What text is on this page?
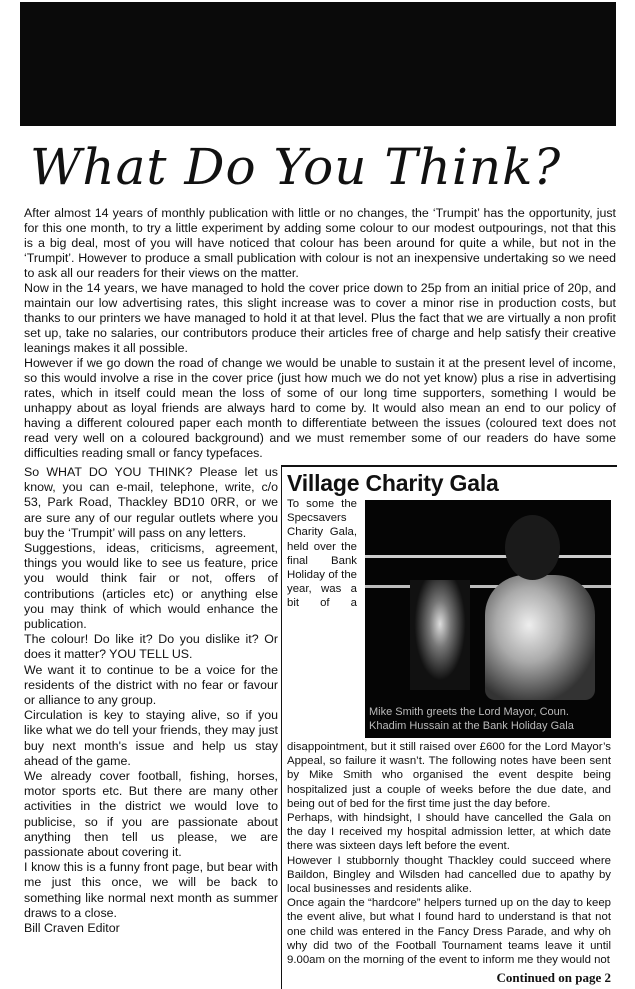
What Do You Think?

After almost 14 years of monthly publication with little or no changes, the ‘Trumpit’ has the opportunity, just for this one month, to try a little experiment by adding some colour to our modest outpourings, not that this is a big deal, most of you will have noticed that colour has been around for quite a while, but not in the ‘Trumpit’. However to produce a small publication with colour is not an inexpensive undertaking so we need to ask all our readers for their views on the matter.

Now in the 14 years, we have managed to hold the cover price down to 25p from an initial price of 20p, and maintain our low advertising rates, this slight increase was to cover a minor rise in production costs, but thanks to our printers we have managed to hold it at that level. Plus the fact that we are virtually a non profit set up, take no salaries, our contributors produce their articles free of charge and help satisfy their creative leanings makes it all possible.

However if we go down the road of change we would be unable to sustain it at the present level of income, so this would involve a rise in the cover price (just how much we do not yet know) plus a rise in advertising rates, which in itself could mean the loss of some of our long time supporters, something I would be unhappy about as loyal friends are always hard to come by. It would also mean an end to our policy of having a different coloured paper each month to differentiate between the issues (coloured text does not read very well on a coloured background) and we must remember some of our readers do have some difficulties reading small or fancy typefaces.

So WHAT DO YOU THINK? Please let us know, you can e-mail, telephone, write, c/o 53, Park Road, Thackley BD10 0RR, or we are sure any of our regular outlets where you buy the ‘Trumpit’ will pass on any letters.

Suggestions, ideas, criticisms, agreement, things you would like to see us feature, price you would think fair or not, offers of contributions (articles etc) or anything else you may think of which would enhance the publication.

The colour! Do like it? Do you dislike it? Or does it matter? YOU TELL US.

We want it to continue to be a voice for the residents of the district with no fear or favour or alliance to any group.

Circulation is key to staying alive, so if you like what we do tell your friends, they may just buy next month's issue and help us stay ahead of the game.

We already cover football, fishing, horses, motor sports etc. But there are many other activities in the district we would love to publicise, so if you are passionate about anything then tell us please, we are passionate about covering it.

I know this is a funny front page, but bear with me just this once, we will be back to something like normal next month as summer draws to a close.

Bill Craven Editor

Village Charity Gala
Mike Smith greets the Lord Mayor, Coun. Khadim Hussain at the Bank Holiday Gala

To some the Specsavers Charity Gala, held over the final Bank Holiday of the year, was a bit of a disappointment, but it still raised over £600 for the Lord Mayor’s Appeal, so failure it wasn’t. The following notes have been sent by Mike Smith who organised the event despite being hospitalized just a couple of weeks before the due date, and being out of bed for the first time just the day before.

Perhaps, with hindsight, I should have cancelled the Gala on the day I received my hospital admission letter, at which date there was sixteen days left before the event.

However I stubbornly thought Thackley could succeed where Baildon, Bingley and Wilsden had cancelled due to apathy by local businesses and residents alike.

Once again the “hardcore” helpers turned up on the day to keep the event alive, but what I found hard to understand is that not one child was entered in the Fancy Dress Parade, and why oh why did two of the Football Tournament teams leave it until 9.00am on the morning of the event to inform me they would not

Continued on page 2
